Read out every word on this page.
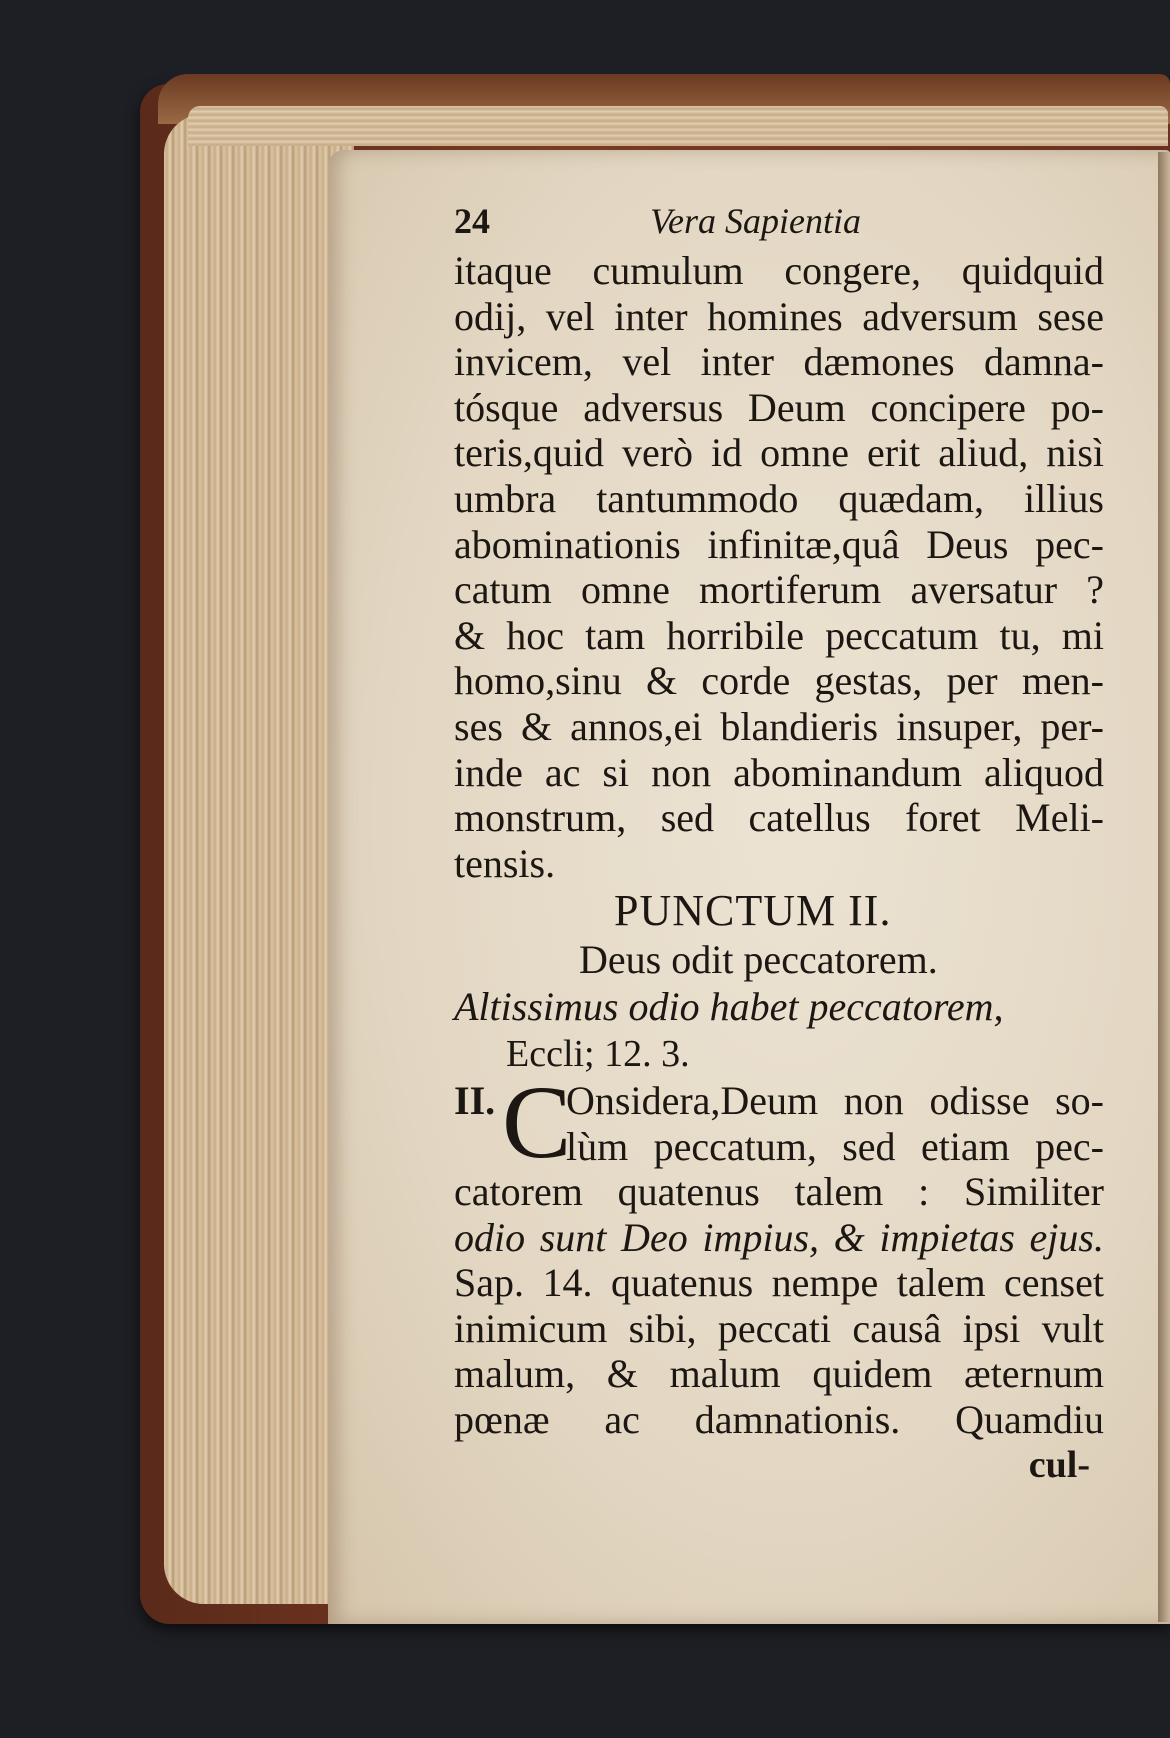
24	Vera Sapientia
itaque cumulum congere, quidquid
odij, vel inter homines adversum sese
invicem, vel inter dæmones damna-
tósque adversus Deum concipere po-
teris,quid verò id omne erit aliud, nisì
umbra tantummodo quædam, illius
abominationis infinitæ,quâ Deus pec-
catum omne mortiferum aversatur ?
& hoc tam horribile peccatum tu, mi
homo,sinu & corde gestas, per men-
ses & annos,ei blandieris insuper, per-
inde ac si non abominandum aliquod
monstrum, sed catellus foret Meli-
tensis.
PUNCTUM II.
Deus odit peccatorem.
Altissimus odio habet peccatorem,
Eccli; 12. 3.
II. C
Onsidera,Deum non odisse so-
lùm peccatum, sed etiam pec-
catorem quatenus talem : Similiter
odio sunt Deo impius, & impietas ejus.
Sap. 14. quatenus nempe talem censet
inimicum sibi, peccati causâ ipsi vult
malum, & malum quidem æternum
pœnæ ac damnationis. Quamdiu
cul-
